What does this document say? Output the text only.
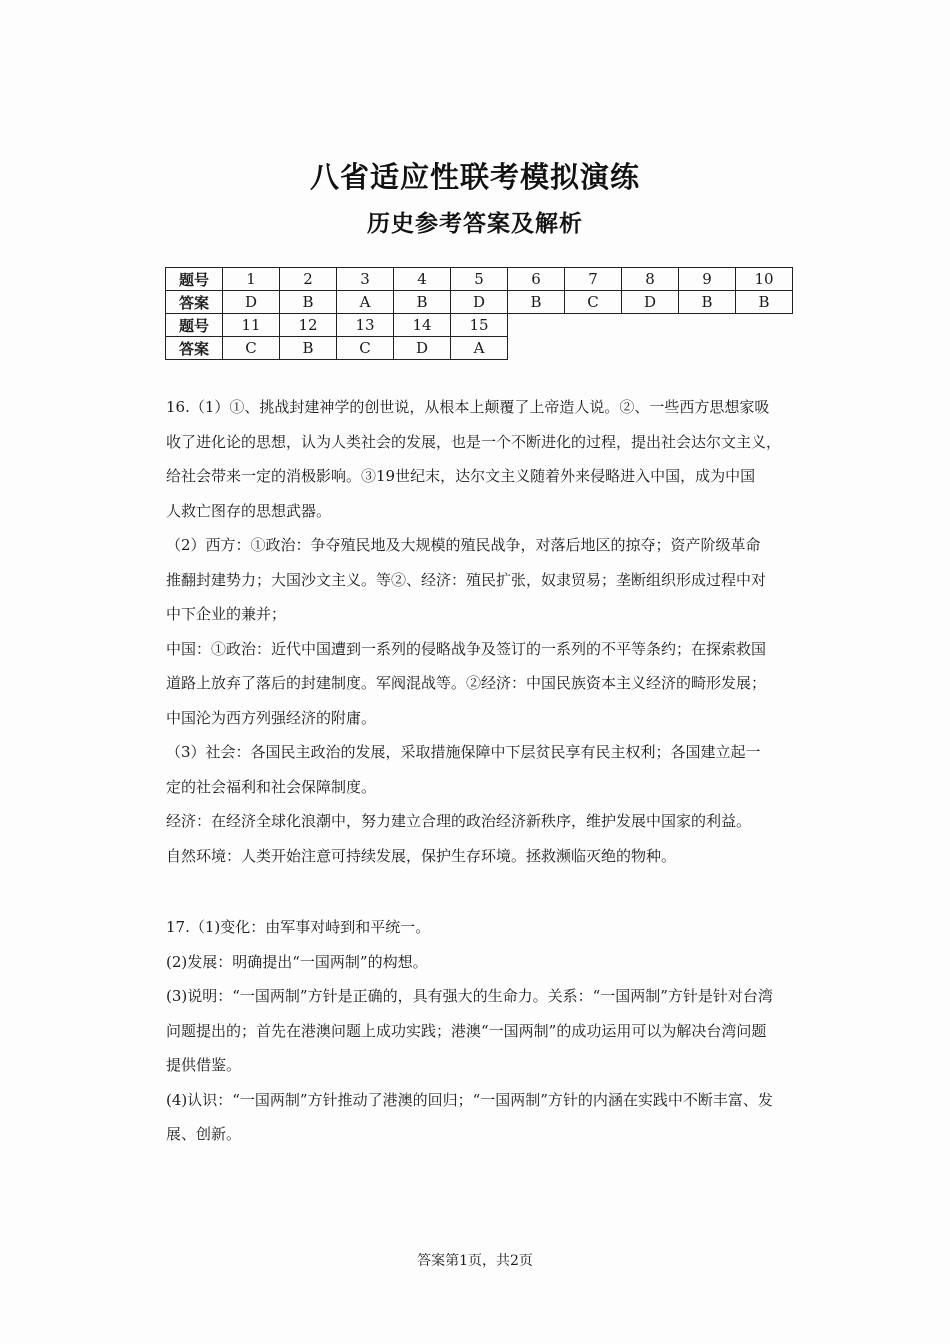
八省适应性联考模拟演练
历史参考答案及解析
题号	1	2	3	4	5	6	7	8	9	10
答案	D	B	A	B	D	B	C	D	B	B
题号	11	12	13	14	15					
答案	C	B	C	D	A					

16.（1）①、挑战封建神学的创世说，从根本上颠覆了上帝造人说。②、一些西方思想家吸

收了进化论的思想，认为人类社会的发展，也是一个不断进化的过程，提出社会达尔文主义，

给社会带来一定的消极影响。③19世纪末，达尔文主义随着外来侵略进入中国，成为中国

人救亡图存的思想武器。

（2）西方：①政治：争夺殖民地及大规模的殖民战争，对落后地区的掠夺；资产阶级革命

推翻封建势力；大国沙文主义。等②、经济：殖民扩张，奴隶贸易；垄断组织形成过程中对

中下企业的兼并；

中国：①政治：近代中国遭到一系列的侵略战争及签订的一系列的不平等条约；在探索救国

道路上放弃了落后的封建制度。军阀混战等。②经济：中国民族资本主义经济的畸形发展；

中国沦为西方列强经济的附庸。

（3）社会：各国民主政治的发展，采取措施保障中下层贫民享有民主权利；各国建立起一

定的社会福利和社会保障制度。

经济：在经济全球化浪潮中，努力建立合理的政治经济新秩序，维护发展中国家的利益。

自然环境：人类开始注意可持续发展，保护生存环境。拯救濒临灭绝的物种。

17.（1)变化：由军事对峙到和平统一。

(2)发展：明确提出“一国两制”的构想。

(3)说明：“一国两制”方针是正确的，具有强大的生命力。关系：“一国两制”方针是针对台湾

问题提出的；首先在港澳问题上成功实践；港澳“一国两制”的成功运用可以为解决台湾问题

提供借鉴。

(4)认识：“一国两制”方针推动了港澳的回归；“一国两制”方针的内涵在实践中不断丰富、发

展、创新。

答案第1页，共2页
